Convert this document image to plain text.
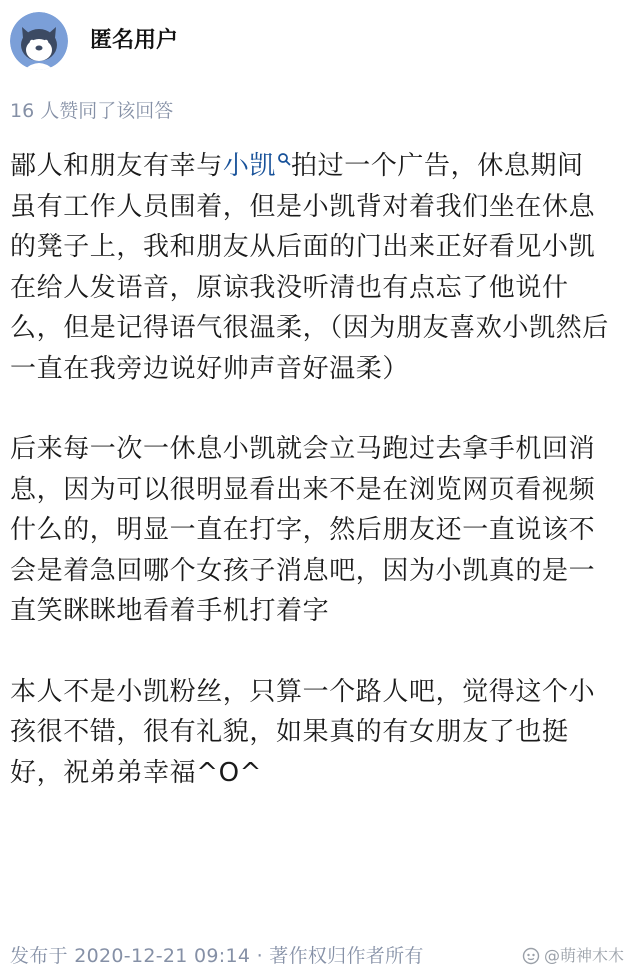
匿名用户
16 人赞同了该回答

鄙人和朋友有幸与小凯 拍过一个广告，休息期间虽有工作人员围着，但是小凯背对着我们坐在休息的凳子上，我和朋友从后面的门出来正好看见小凯在给人发语音，原谅我没听清也有点忘了他说什么，但是记得语气很温柔，（因为朋友喜欢小凯然后一直在我旁边说好帅声音好温柔）

后来每一次一休息小凯就会立马跑过去拿手机回消息，因为可以很明显看出来不是在浏览网页看视频什么的，明显一直在打字，然后朋友还一直说该不会是着急回哪个女孩子消息吧，因为小凯真的是一直笑眯眯地看着手机打着字

本人不是小凯粉丝，只算一个路人吧，觉得这个小孩很不错，很有礼貌，如果真的有女朋友了也挺好，祝弟弟幸福^O^

发布于 2020-12-21 09:14 · 著作权归作者所有	@萌神木木
